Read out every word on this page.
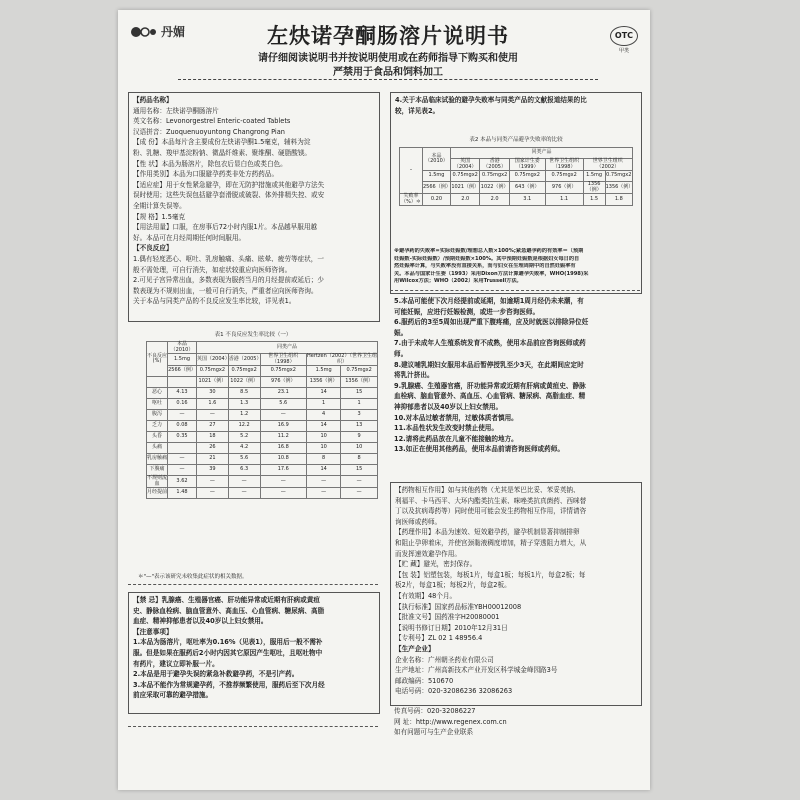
丹媚	左炔诺孕酮肠溶片说明书	OTC
甲类
请仔细阅读说明书并按说明使用或在药师指导下购买和使用
严禁用于食品和饲料加工
【药品名称】
通用名称：左炔诺孕酮肠溶片
英文名称：Levonorgestrel Enteric-coated Tablets
汉语拼音：Zuoquenuoyuntong Changrong Pian
【成 份】本品每片含主要成份左炔诺孕酮1.5毫克，辅料为淀
粉、乳糖、羧甲基淀粉钠、微晶纤维素、聚维酮、硬脂酸镁。
【性 状】本品为肠溶片，除包衣后显白色或类白色。
【作用类别】本品为口服避孕药类非处方药药品。
【适应症】用于女性紧急避孕，即在无防护措施或其他避孕方法失
误时使用；这些失误包括避孕套滑脱或破裂、体外排精失控、或安
全期计算失误等。
【规 格】1.5毫克
【用法用量】口服，在房事后72小时内服1片。本品越早服用越
好。本品可在月经周期任何时间服用。
【不良反应】
1.偶有轻度恶心、呕吐、乳房触痛、头痛、眩晕、疲劳等症状，一
般不需处理，可自行消失，如症状较重应向医师咨询。
2.可见子宫异常出血，多数表现为服药当月的月经提前或延后；少
数表现为不规则出血，一般可自行消失，严重者应向医师咨询。
关于本品与同类产品的不良反应发生率比较，详见表1。
表1 不良反应发生率比较（一）
不良反应(%)	本品（2010）	同类产品				
	1.5mg	英国（2004）	香港（2005）	世界卫生组织（1998）	Hertzen（2002）（世界卫生组织）	
	2566（例）	0.75mgx2	0.75mgx2	0.75mgx2	1.5mg	0.75mgx2
		1021（例）	1022（例）	976（例）	1356（例）	1356（例）
恶心	4.13	30	8.5	23.1	14	15
呕吐	0.16	1.6	1.3	5.6	1	1
腹泻	—	—	1.2	—	4	3
乏力	0.08	27	12.2	16.9	14	13
头昏	0.35	18	5.2	11.2	10	9
头痛		26	4.2	16.8	10	10
乳房触痛	—	21	5.6	10.8	8	8
下腹痛	—	39	6.3	17.6	14	15
不规则流血	3.62	—	—	—	—	—
月经提前	1.48	—	—	—	—	—
＊"—"表示该研究未收集此症状的相关数据。
【禁 忌】乳腺癌、生殖器官癌、肝功能异常或近期有肝病或黄疸
史、静脉血栓病、脑血管意外、高血压、心血管病、糖尿病、高脂
血症、精神抑郁患者以及40岁以上妇女禁用。
【注意事项】
1.本品为肠溶片，呕吐率为0.16%（见表1），服用后一般不需补
服。但是如果在服药后2小时内因其它原因产生呕吐，且呕吐物中
有药片，建议立即补服一片。
2.本品是用于避孕失误的紧急补救避孕药，不是引产药。
3.本品不能作为常规避孕药，不推荐频繁使用，服药后至下次月经
前应采取可靠的避孕措施。
4.关于本品临床试验的避孕失败率与同类产品的文献报道结果的比
较，详见表2。
表2 本品与同类产品避孕失败率的比较
–	本品（2010）	同类产品					
		英国（2004）	香港（2005）	国家计生委（1999）	世界卫生组织（1998）	世界卫生组织（2002）	
	1.5mg	0.75mgx2	0.75mgx2	0.75mgx2	0.75mgx2	1.5mg	0.75mgx2
	2566（例）	1021（例）	1022（例）	643（例）	976（例）	1356（例）	1356（例）
失败率（%）＊	0.20	2.0	2.0	3.1	1.1	1.5	1.8
※避孕药的失败率=实际妊娠数/理想总人数×100%;紧急避孕药的有效率＝（预期
妊娠数-实际妊娠数）/预期妊娠数×100%。其中预期妊娠数是根据妇女每日的自
然妊娠率计算，与失败率没有直接关系，而与妇女在生理周期中的自然妊娠率有
关。本品与国家计生委（1993）采用Dixon方法计算避孕失败率，WHO(1998)采
用Wilcox方法；WHO（2002）采用Trussell方法。
5.本品可能使下次月经提前或延期，如逾期1周月经仍未来潮，有
可能妊娠，应进行妊娠检测，或进一步咨询医师。
6.服药后的3至5周如出现严重下腹疼痛，应及时就医以排除异位妊
娠。
7.由于未成年人生殖系统发育不成熟，使用本品前应咨询医师或药
师。
8.建议哺乳期妇女服用本品后暂停授乳至少3天，在此期间应定时
将乳汁挤出。
9.乳腺癌、生殖器官癌，肝功能异常或近期有肝病或黄疸史、静脉
血栓病、脑血管意外、高血压、心血管病、糖尿病、高脂血症、精
神抑郁患者以及40岁以上妇女禁用。
10.对本品过敏者禁用，过敏体质者慎用。
11.本品性状发生改变时禁止使用。
12.请将此药品放在儿童不能接触的地方。
13.如正在使用其他药品，使用本品前请咨询医师或药师。
【药物相互作用】如与其他药物（尤其是苯巴比妥、苯妥英钠、
利福平、卡马西平、大环内酯类抗生素、咪唑类抗真菌药、西咪替
丁以及抗病毒药等）同时使用可能会发生药物相互作用，详情请咨
询医师或药师。
【药理作用】本品为速效、短效避孕药，避孕机制显著抑制排卵
和阻止孕卵着床，并使宫颈黏液稠度增加，精子穿透阻力增大，从
而发挥速效避孕作用。
【贮 藏】避光，密封保存。
【包 装】铝塑包装，每板1片，每盒1板；每板1片，每盒2板；每
板2片，每盒1板；每板2片，每盒2板。
【有效期】48个月。
【执行标准】国家药品标准YBH00012008
【批准文号】国药准字H20080001
【说明书修订日期】2010年12月31日
【专利号】ZL 02 1 48956.4
【生产企业】
企业名称：广州朝圣药业有限公司
生产地址：广州高新技术产业开发区科学城金峰园路3号
邮政编码：510670
电话号码：020-32086236 32086263
传真号码：020-32086227
网 址：http://www.regenex.com.cn
如有问题可与生产企业联系
